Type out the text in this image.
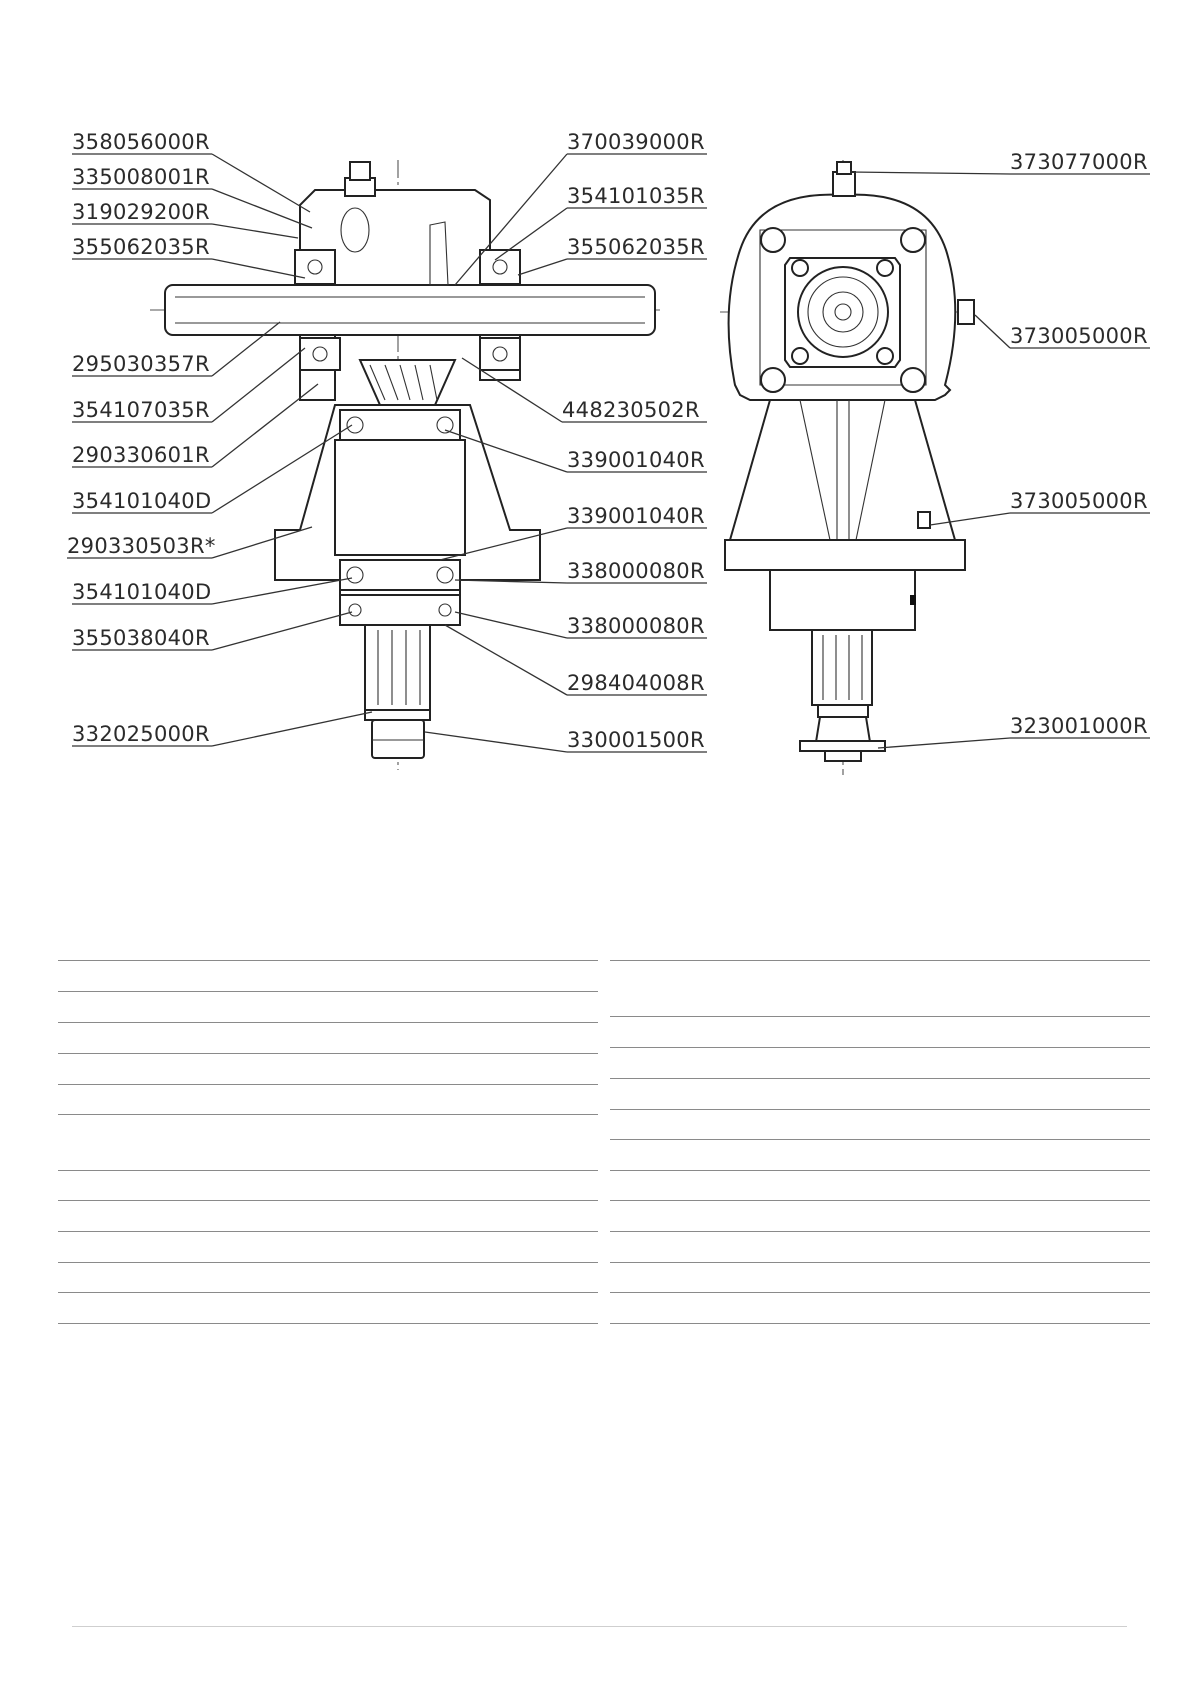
358056000R
335008001R
319029200R
355062035R
295030357R
354107035R
290330601R
354101040D
290330503R*
354101040D
355038040R
332025000R
370039000R
354101035R
355062035R
448230502R
339001040R
339001040R
338000080R
338000080R
298404008R
330001500R
373077000R
373005000R
373005000R
323001000R
